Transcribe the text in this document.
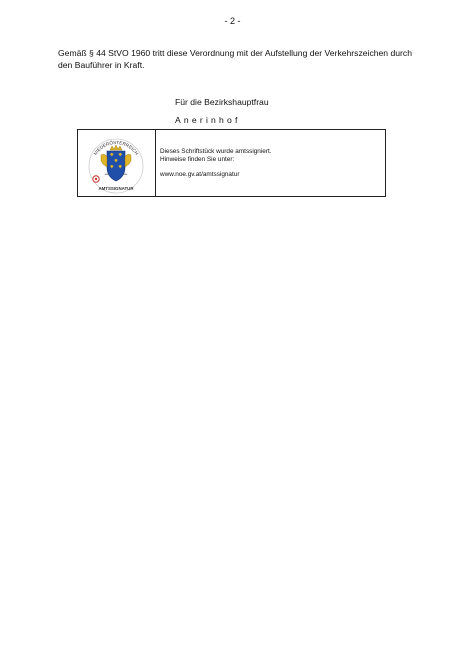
- 2 -
Gemäß § 44 StVO 1960 tritt diese Verordnung mit der Aufstellung der Verkehrszeichen durch den Bauführer in Kraft.
Für die Bezirkshauptfrau
Anerinhof
NIEDERÖSTERREICH
AMTSSIGNATUR
Dieses Schriftstück wurde amtssigniert.
Hinweise finden Sie unter:
www.noe.gv.at/amtssignatur
